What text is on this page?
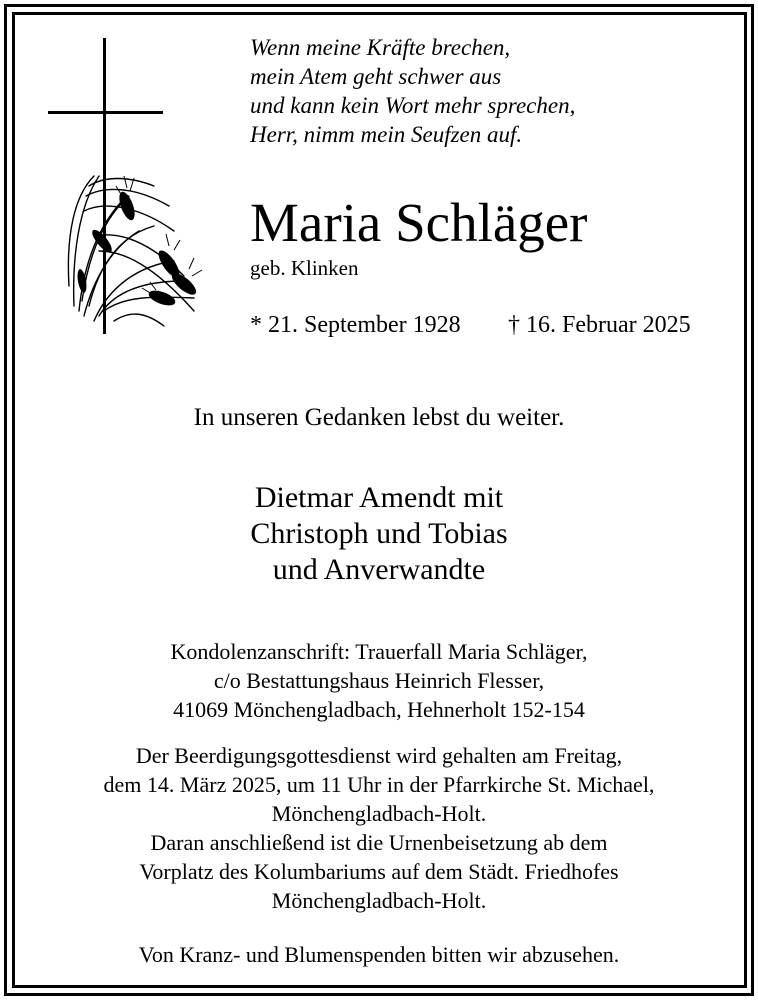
Wenn meine Kräfte brechen,
mein Atem geht schwer aus
und kann kein Wort mehr sprechen,
Herr, nimm mein Seufzen auf.
Maria Schläger
geb. Klinken
* 21. September 1928 † 16. Februar 2025
In unseren Gedanken lebst du weiter.
Dietmar Amendt mit
Christoph und Tobias
und Anverwandte
Kondolenzanschrift: Trauerfall Maria Schläger,
c/o Bestattungshaus Heinrich Flesser,
41069 Mönchengladbach, Hehnerholt 152-154
Der Beerdigungsgottesdienst wird gehalten am Freitag,
dem 14. März 2025, um 11 Uhr in der Pfarrkirche St. Michael,
Mönchengladbach-Holt.
Daran anschließend ist die Urnenbeisetzung ab dem
Vorplatz des Kolumbariums auf dem Städt. Friedhofes
Mönchengladbach-Holt.
Von Kranz- und Blumenspenden bitten wir abzusehen.
